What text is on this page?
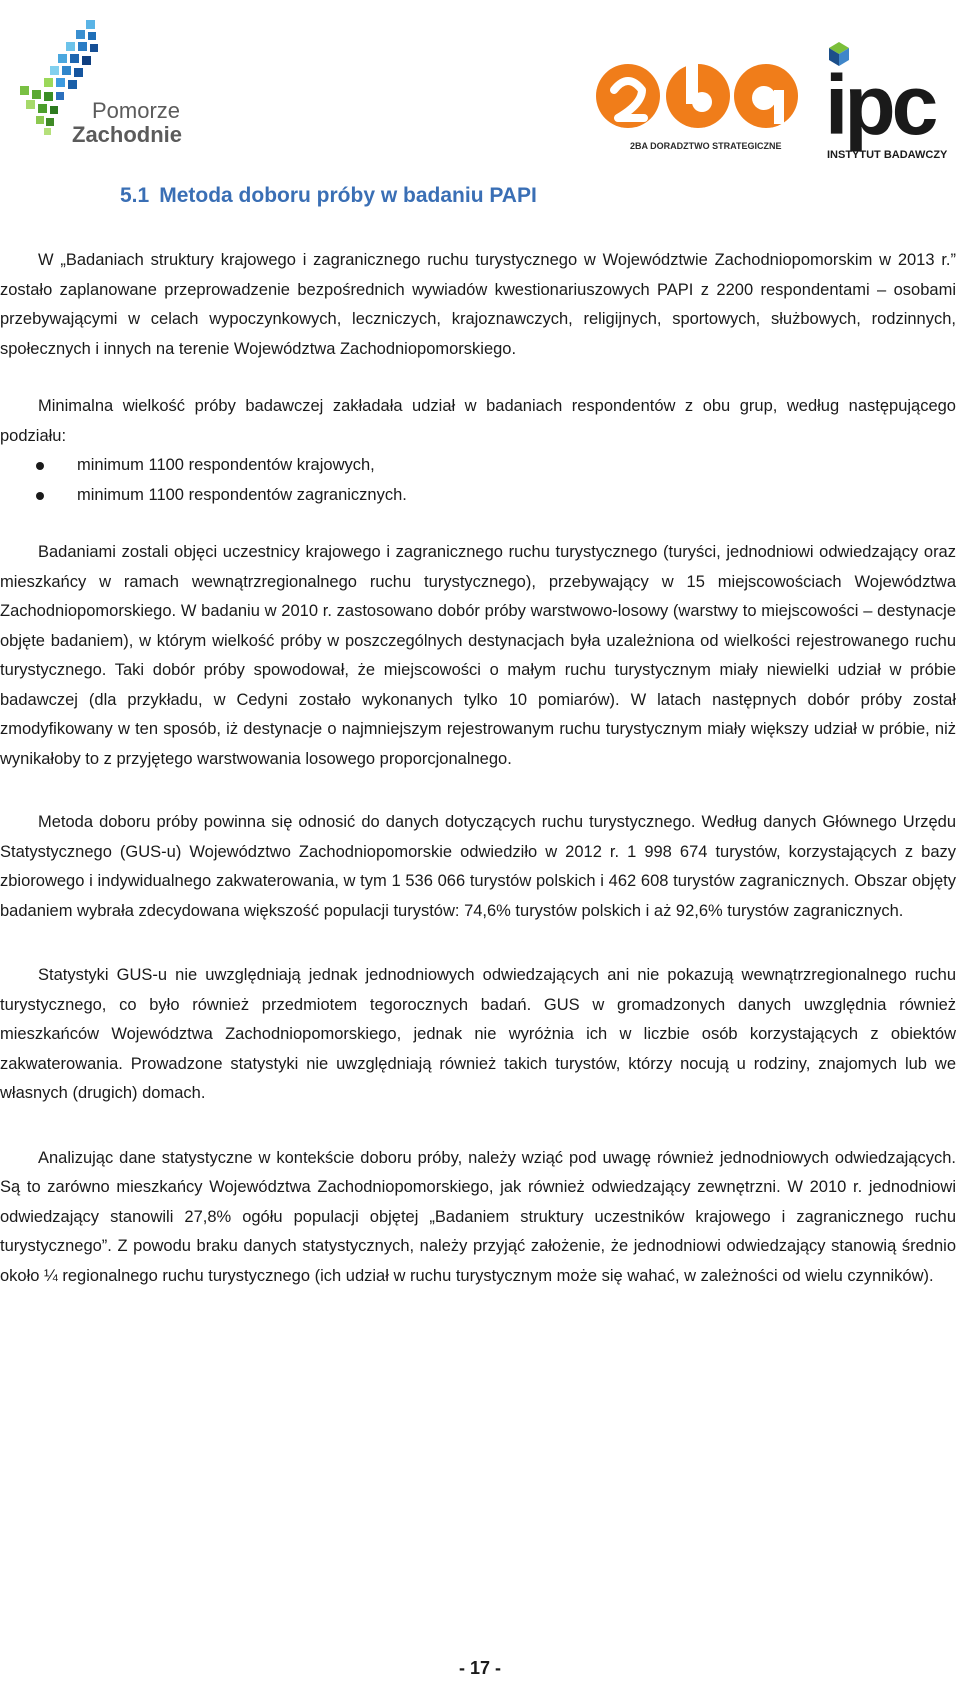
Pomorze
Zachodnie	2BA DORADZTWO STRATEGICZNE ipc
INSTYTUT BADAWCZY
5.1 Metoda doboru próby w badaniu PAPI

W „Badaniach struktury krajowego i zagranicznego ruchu turystycznego w Województwie Zachodniopomorskim w 2013 r.” zostało zaplanowane przeprowadzenie bezpośrednich wywiadów kwestionariuszowych PAPI z 2200 respondentami – osobami przebywającymi w celach wypoczynkowych, leczniczych, krajoznawczych, religijnych, sportowych, służbowych, rodzinnych, społecznych i innych na terenie Województwa Zachodniopomorskiego.

Minimalna wielkość próby badawczej zakładała udział w badaniach respondentów z obu grup, według następującego podziału:

minimum 1100 respondentów krajowych,
minimum 1100 respondentów zagranicznych.

Badaniami zostali objęci uczestnicy krajowego i zagranicznego ruchu turystycznego (turyści, jednodniowi odwiedzający oraz mieszkańcy w ramach wewnątrzregionalnego ruchu turystycznego), przebywający w 15 miejscowościach Województwa Zachodniopomorskiego. W badaniu w 2010 r. zastosowano dobór próby warstwowo-losowy (warstwy to miejscowości – destynacje objęte badaniem), w którym wielkość próby w poszczególnych destynacjach była uzależniona od wielkości rejestrowanego ruchu turystycznego. Taki dobór próby spowodował, że miejscowości o małym ruchu turystycznym miały niewielki udział w próbie badawczej (dla przykładu, w Cedyni zostało wykonanych tylko 10 pomiarów). W latach następnych dobór próby został zmodyfikowany w ten sposób, iż destynacje o najmniejszym rejestrowanym ruchu turystycznym miały większy udział w próbie, niż wynikałoby to z przyjętego warstwowania losowego proporcjonalnego.

Metoda doboru próby powinna się odnosić do danych dotyczących ruchu turystycznego. Według danych Głównego Urzędu Statystycznego (GUS-u) Województwo Zachodniopomorskie odwiedziło w 2012 r. 1 998 674 turystów, korzystających z bazy zbiorowego i indywidualnego zakwaterowania, w tym 1 536 066 turystów polskich i 462 608 turystów zagranicznych. Obszar objęty badaniem wybrała zdecydowana większość populacji turystów: 74,6% turystów polskich i aż 92,6% turystów zagranicznych.

Statystyki GUS-u nie uwzględniają jednak jednodniowych odwiedzających ani nie pokazują wewnątrzregionalnego ruchu turystycznego, co było również przedmiotem tegorocznych badań. GUS w gromadzonych danych uwzględnia również mieszkańców Województwa Zachodniopomorskiego, jednak nie wyróżnia ich w liczbie osób korzystających z obiektów zakwaterowania. Prowadzone statystyki nie uwzględniają również takich turystów, którzy nocują u rodziny, znajomych lub we własnych (drugich) domach.

Analizując dane statystyczne w kontekście doboru próby, należy wziąć pod uwagę również jednodniowych odwiedzających. Są to zarówno mieszkańcy Województwa Zachodniopomorskiego, jak również odwiedzający zewnętrzni. W 2010 r. jednodniowi odwiedzający stanowili 27,8% ogółu populacji objętej „Badaniem struktury uczestników krajowego i zagranicznego ruchu turystycznego”. Z powodu braku danych statystycznych, należy przyjąć założenie, że jednodniowi odwiedzający stanowią średnio około ¼ regionalnego ruchu turystycznego (ich udział w ruchu turystycznym może się wahać, w zależności od wielu czynników).

- 17 -
